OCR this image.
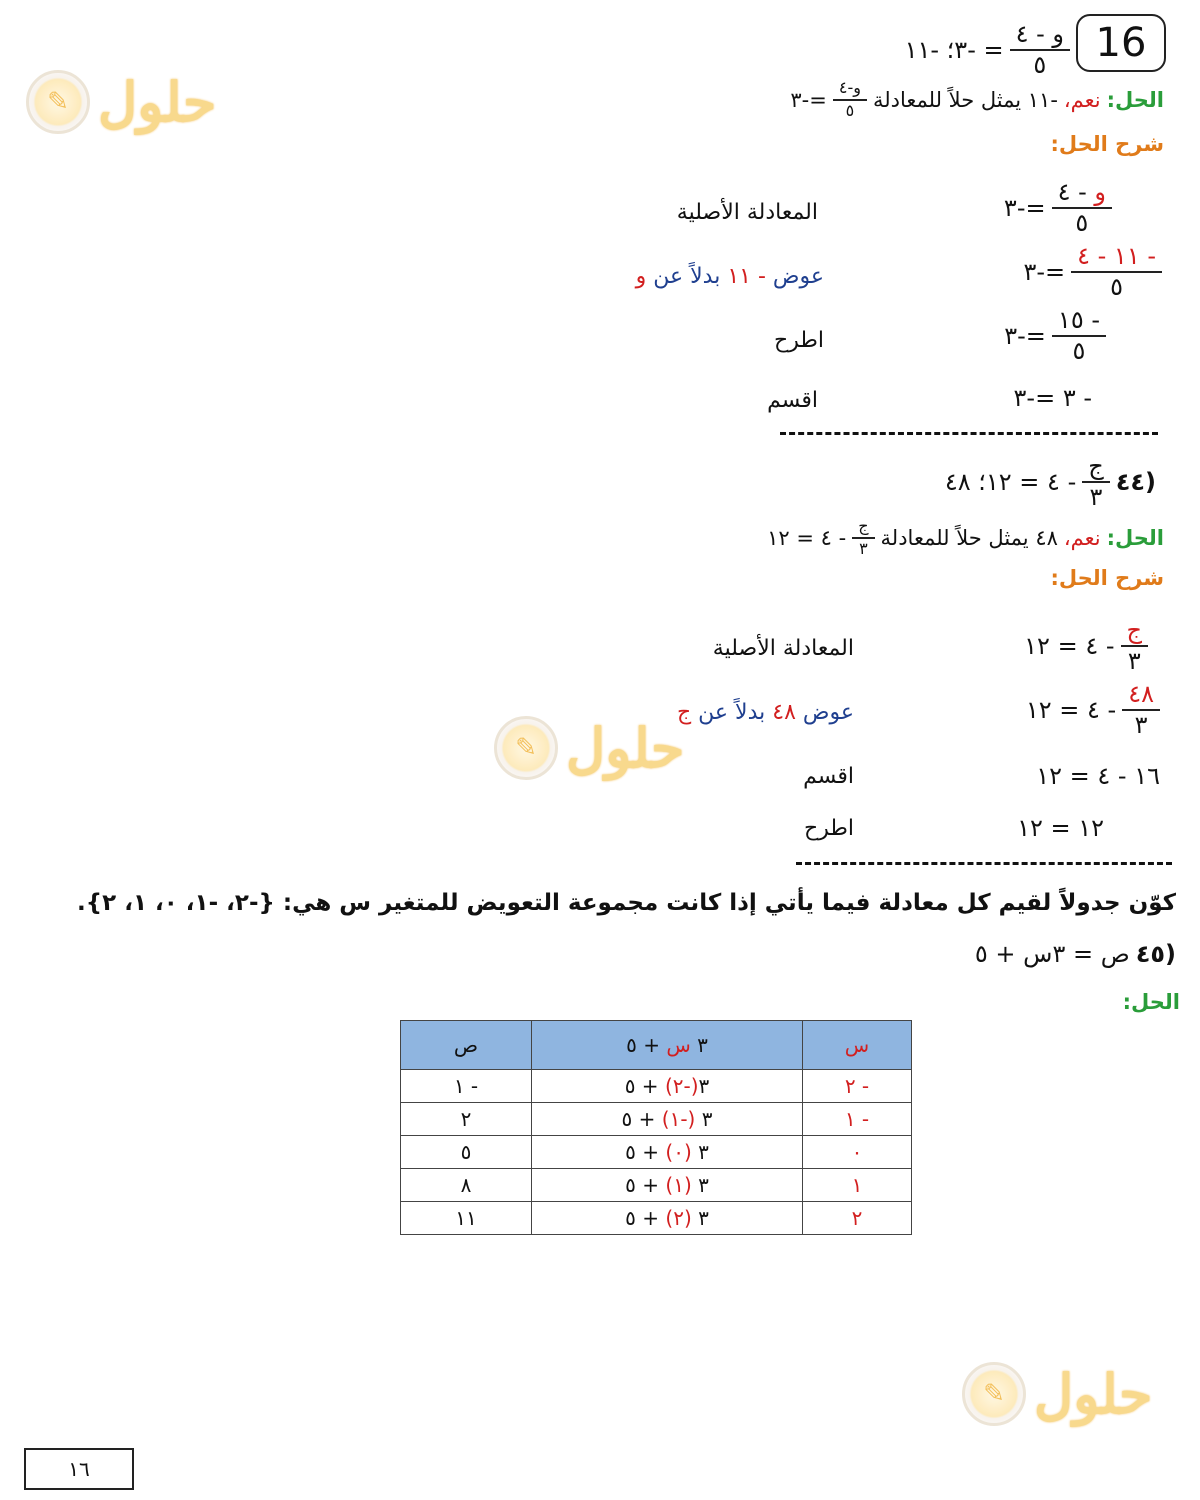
16
$\frac{\text{و - ٤}}{٥}$
= -٣؛ -١١
✎ حلول	الحل:
نعم،
-١١ يمثل حلاً للمعادلة
$\frac{\text{و-٤}}{٥}$
=-٣
شرح الحل:
$\frac{\text{و - ٤}}{٥}$
=-٣
المعادلة الأصلية
$\frac{- ١١ - ٤}{٥}$
=-٣
عوض - ١١ بدلاً عن و
$\frac{- ١٥}{٥}$
=-٣
اطرح
- ٣ =-٣
اقسم
(٤٤
$\frac{\text{ج}}{٣}$
- ٤ = ١٢؛ ٤٨
الحل:
نعم،
٤٨ يمثل حلاً للمعادلة
$\frac{\text{ج}}{٣}$
- ٤ = ١٢
شرح الحل:
$\frac{\text{ج}}{٣}$
- ٤ = ١٢
المعادلة الأصلية
$\frac{٤٨}{٣}$
- ٤ = ١٢
عوض ٤٨ بدلاً عن ج
✎ حلول	١٦ - ٤ = ١٢
اقسم
١٢ = ١٢
اطرح
كوّن جدولاً لقيم كل معادلة فيما يأتي إذا كانت مجموعة التعويض للمتغير س هي: {-٢، -١، ٠، ١، ٢}.
(٤٥
ص = ٣س + ٥
الحل:
س	٣ س + ٥	ص
- ٢	٣(-٢) + ٥	- ١
- ١	٣ (-١) + ٥	٢
٠	٣ (٠) + ٥	٥
١	٣ (١) + ٥	٨
٢	٣ (٢) + ٥	١١
✎ حلول
١٦
